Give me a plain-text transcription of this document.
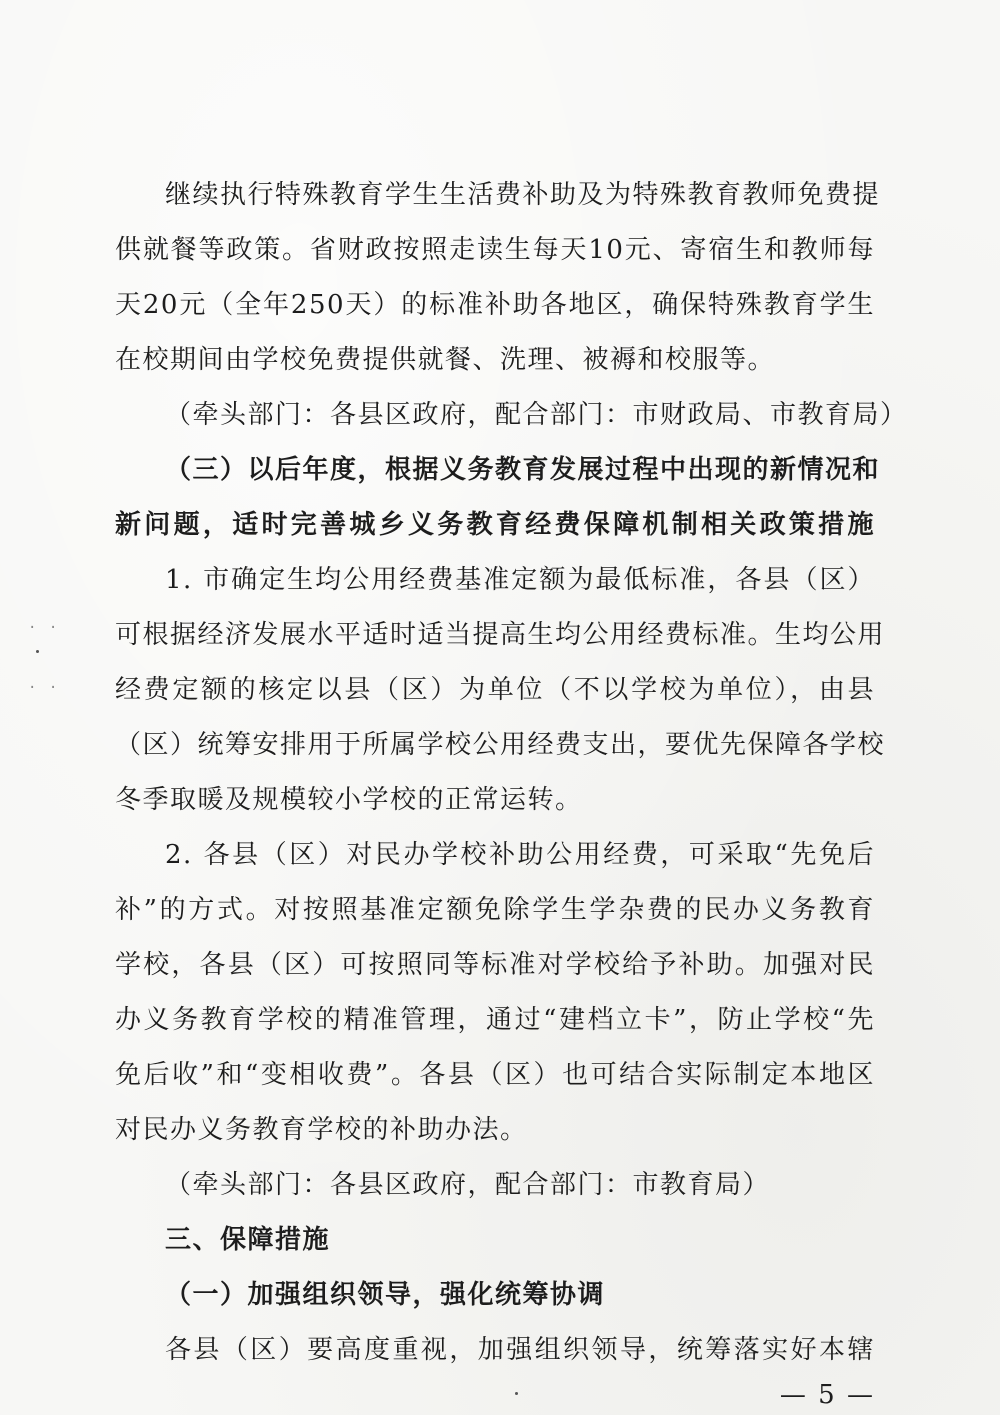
继续执行特殊教育学生生活费补助及为特殊教育教师免费提
供就餐等政策。省财政按照走读生每天10元、寄宿生和教师每
天20元（全年250天）的标准补助各地区，确保特殊教育学生
在校期间由学校免费提供就餐、洗理、被褥和校服等。
（牵头部门：各县区政府，配合部门：市财政局、市教育局）
（三）以后年度，根据义务教育发展过程中出现的新情况和
新问题，适时完善城乡义务教育经费保障机制相关政策措施
1. 市确定生均公用经费基准定额为最低标准，各县（区）
可根据经济发展水平适时适当提高生均公用经费标准。生均公用
经费定额的核定以县（区）为单位（不以学校为单位），由县
（区）统筹安排用于所属学校公用经费支出，要优先保障各学校
冬季取暖及规模较小学校的正常运转。
2. 各县（区）对民办学校补助公用经费，可采取“先免后
补”的方式。对按照基准定额免除学生学杂费的民办义务教育
学校，各县（区）可按照同等标准对学校给予补助。加强对民
办义务教育学校的精准管理，通过“建档立卡”，防止学校“先
免后收”和“变相收费”。各县（区）也可结合实际制定本地区
对民办义务教育学校的补助办法。
（牵头部门：各县区政府，配合部门：市教育局）
三、保障措施
（一）加强组织领导，强化统筹协调
各县（区）要高度重视，加强组织领导，统筹落实好本辖
— 5 —
· ·
· ·
